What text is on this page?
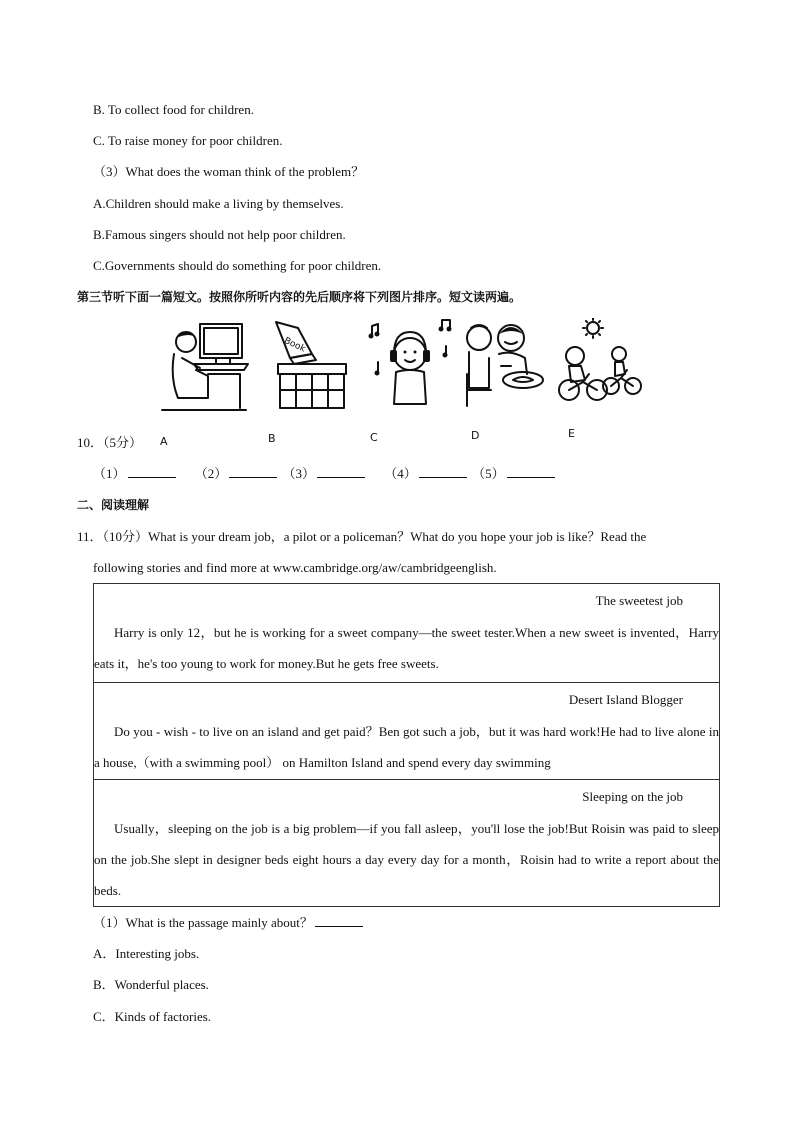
B. To collect food for children.
C. To raise money for poor children.
（3）What does the woman think of the problem？
A.Children should make a living by themselves.
B.Famous singers should not help poor children.
C.Governments should do something for poor children.
第三节听下面一篇短文。按照你所听内容的先后顺序将下列图片排序。短文读两遍。
Book
A	B	C	D	E
10．（5分）
（1）	（2）	（3）	（4）	（5）
二、阅读理解
11．（10分）What is your dream job，a pilot or a policeman？What do you hope your job is like？Read the
following stories and find more at www.cambridge.org/aw/cambridgeenglish.
The sweetest job
Harry is only 12，but he is working for a sweet company—the sweet tester.When a new sweet is invented，Harry eats it，he's too young to work for money.But he gets free sweets.
Desert Island Blogger
Do you - wish - to live on an island and get paid？Ben got such a job，but it was hard work!He had to live alone in a house,（with a swimming pool） on Hamilton Island and spend every day swimming
Sleeping on the job
Usually，sleeping on the job is a big problem—if you fall asleep，you'll lose the job!But Roisin was paid to sleep on the job.She slept in designer beds eight hours a day every day for a month，Roisin had to write a report about the beds.
（1）What is the passage mainly about？
A．Interesting jobs.
B．Wonderful places.
C．Kinds of factories.
